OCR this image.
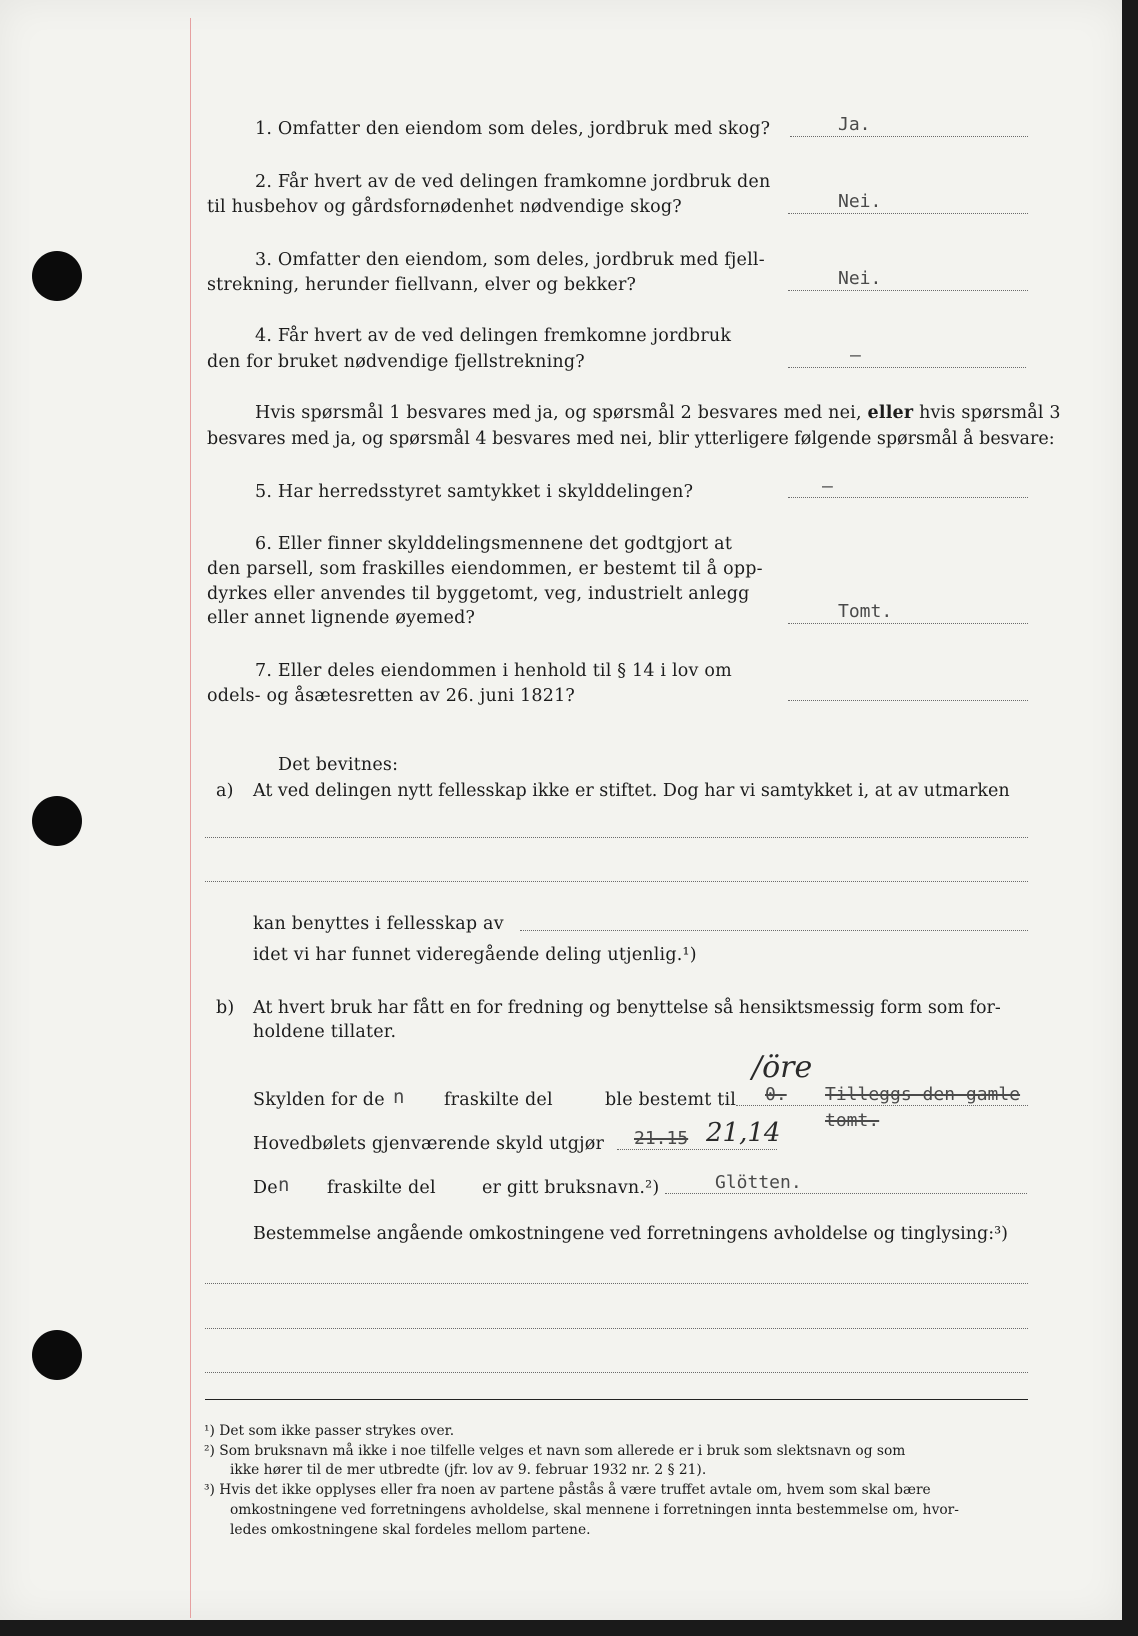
1. Omfatter den eiendom som deles, jordbruk med skog?	Ja.
2. Får hvert av de ved delingen framkomne jordbruk den
til husbehov og gårdsfornødenhet nødvendige skog?	Nei.
3. Omfatter den eiendom, som deles, jordbruk med fjell-
strekning, herunder fiellvann, elver og bekker?	Nei.
4. Får hvert av de ved delingen fremkomne jordbruk
den for bruket nødvendige fjellstrekning?	–
Hvis spørsmål 1 besvares med ja, og spørsmål 2 besvares med nei, eller hvis spørsmål 3
besvares med ja, og spørsmål 4 besvares med nei, blir ytterligere følgende spørsmål å besvare:
5. Har herredsstyret samtykket i skylddelingen?	–
6. Eller finner skylddelingsmennene det godtgjort at
den parsell, som fraskilles eiendommen, er bestemt til å opp-
dyrkes eller anvendes til byggetomt, veg, industrielt anlegg
eller annet lignende øyemed?	Tomt.
7. Eller deles eiendommen i henhold til § 14 i lov om
odels- og åsætesretten av 26. juni 1821?
Det bevitnes:
a) At ved delingen nytt fellesskap ikke er stiftet. Dog har vi samtykket i, at av utmarken
kan benyttes i fellesskap av
idet vi har funnet videregående deling utjenlig.¹)
b) At hvert bruk har fått en for fredning og benyttelse så hensiktsmessig form som for-
holdene tillater.
Skylden for de n fraskilte del	ble bestemt til
/öre
0. Tilleggs den gamle
tomt.
Hovedbølets gjenværende skyld utgjør 21.15 21,14
De n fraskilte del	er gitt bruksnavn.²)	Glötten.
Bestemmelse angående omkostningene ved forretningens avholdelse og tinglysing:³)
¹) Det som ikke passer strykes over.
²) Som bruksnavn må ikke i noe tilfelle velges et navn som allerede er i bruk som slektsnavn og som
ikke hører til de mer utbredte (jfr. lov av 9. februar 1932 nr. 2 § 21).
³) Hvis det ikke opplyses eller fra noen av partene påstås å være truffet avtale om, hvem som skal bære
omkostningene ved forretningens avholdelse, skal mennene i forretningen innta bestemmelse om, hvor-
ledes omkostningene skal fordeles mellom partene.
